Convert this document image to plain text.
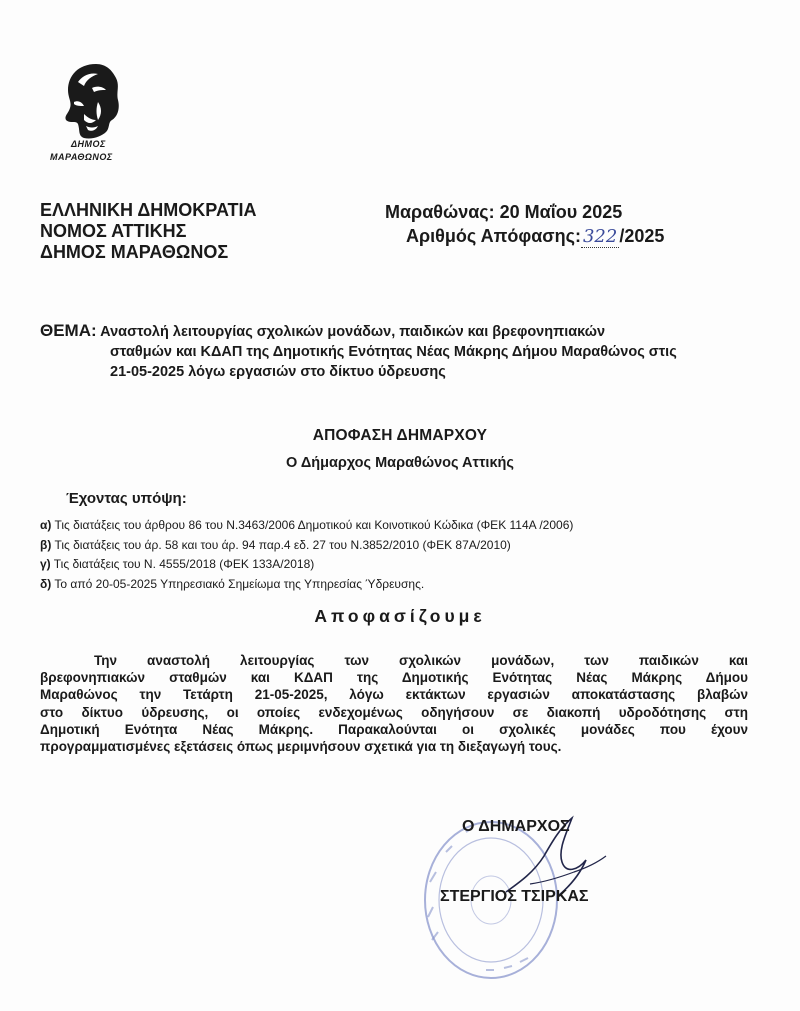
ΔΗΜΟΣ
ΜΑΡΑΘΩΝΟΣ
ΕΛΛΗΝΙΚΗ ΔΗΜΟΚΡΑΤΙΑ
ΝΟΜΟΣ ΑΤΤΙΚΗΣ
ΔΗΜΟΣ ΜΑΡΑΘΩΝΟΣ
Μαραθώνας: 20 Μαΐου 2025
Αριθμός Απόφασης: 322 /2025
ΘΕΜΑ: Αναστολή λειτουργίας σχολικών μονάδων, παιδικών και βρεφονηπιακών
σταθμών και ΚΔΑΠ της Δημοτικής Ενότητας Νέας Μάκρης Δήμου Μαραθώνος στις
21-05-2025 λόγω εργασιών στο δίκτυο ύδρευσης
ΑΠΟΦΑΣΗ ΔΗΜΑΡΧΟΥ
Ο Δήμαρχος Μαραθώνος Αττικής
Έχοντας υπόψη:
α) Τις διατάξεις του άρθρου 86 του Ν.3463/2006 Δημοτικού και Κοινοτικού Κώδικα (ΦΕΚ 114Α /2006)
β) Τις διατάξεις του άρ. 58 και του άρ. 94 παρ.4 εδ. 27 του Ν.3852/2010 (ΦΕΚ 87Α/2010)
γ) Τις διατάξεις του Ν. 4555/2018 (ΦΕΚ 133Α/2018)
δ) Το από 20-05-2025 Υπηρεσιακό Σημείωμα της Υπηρεσίας Ύδρευσης.
Αποφασίζουμε
Την αναστολή λειτουργίας των σχολικών μονάδων, των παιδικών και
βρεφονηπιακών σταθμών και ΚΔΑΠ της Δημοτικής Ενότητας Νέας Μάκρης Δήμου
Μαραθώνος την Τετάρτη 21-05-2025, λόγω εκτάκτων εργασιών αποκατάστασης βλαβών
στο δίκτυο ύδρευσης, οι οποίες ενδεχομένως οδηγήσουν σε διακοπή υδροδότησης στη
Δημοτική Ενότητα Νέας Μάκρης. Παρακαλούνται οι σχολικές μονάδες που έχουν
προγραμματισμένες εξετάσεις όπως μεριμνήσουν σχετικά για τη διεξαγωγή τους.
Ο ΔΗΜΑΡΧΟΣ
ΣΤΕΡΓΙΟΣ ΤΣΙΡΚΑΣ
